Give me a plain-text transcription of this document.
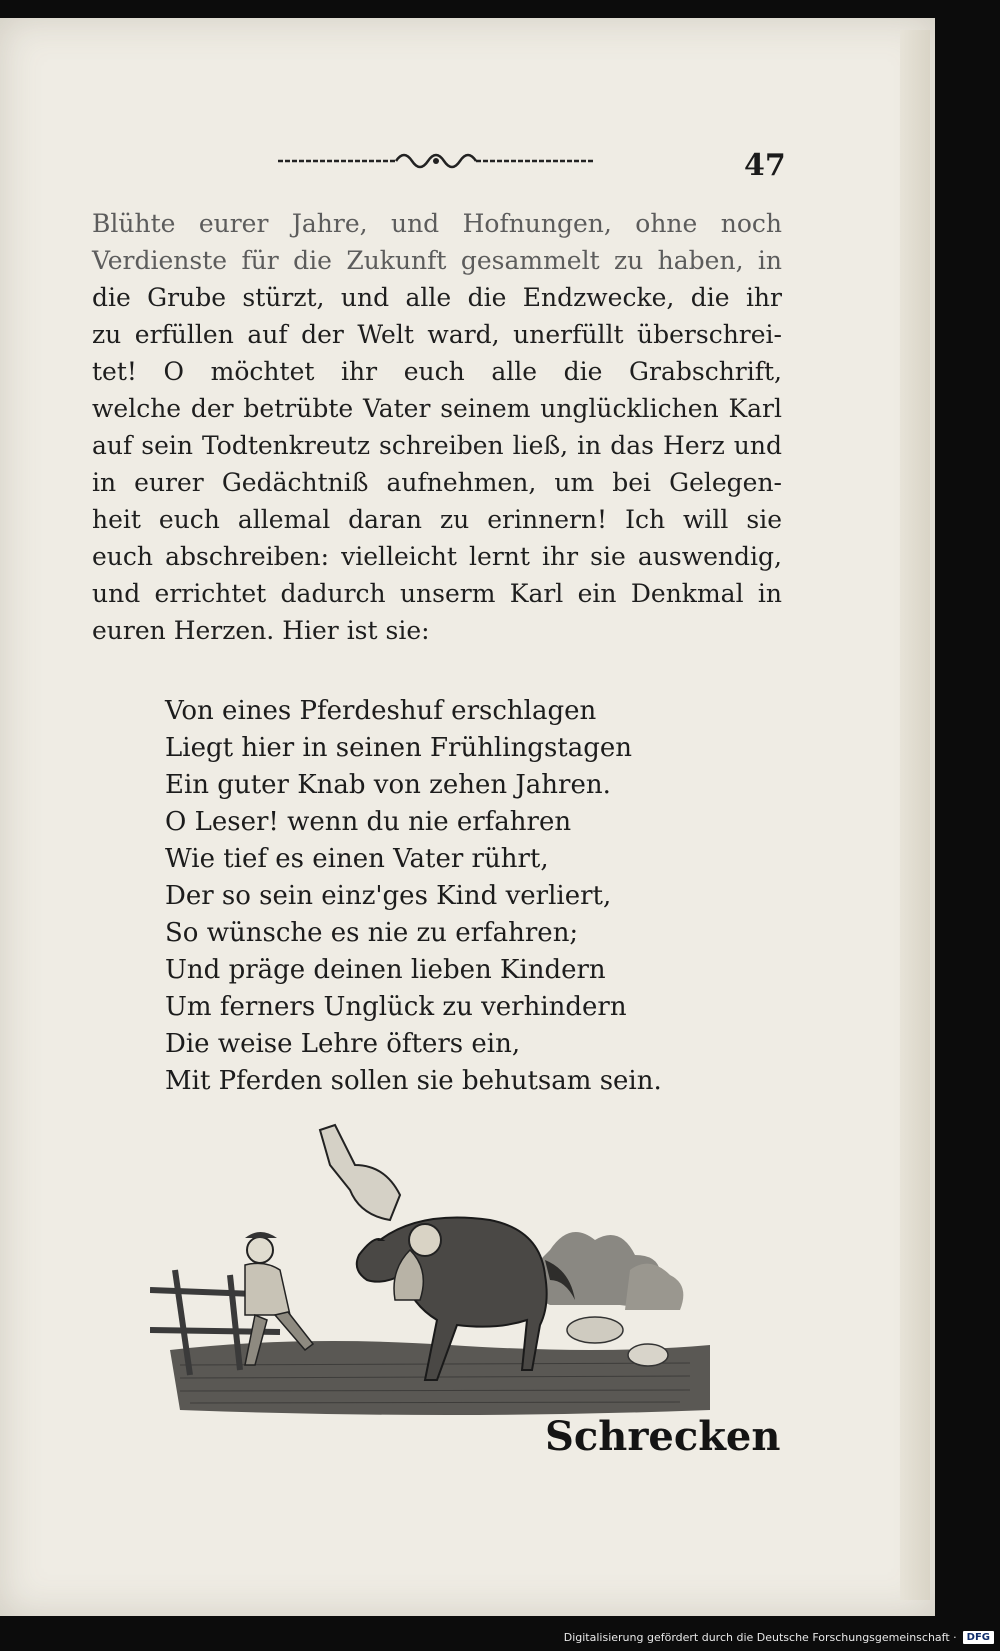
47
Blühte eurer Jahre, und Hofnungen, ohne noch
Verdienste für die Zukunft gesammelt zu haben, in
die Grube stürzt, und alle die Endzwecke, die ihr
zu erfüllen auf der Welt ward, unerfüllt überschrei-
tet! O möchtet ihr euch alle die Grabschrift,
welche der betrübte Vater seinem unglücklichen Karl
auf sein Todtenkreutz schreiben ließ, in das Herz und
in eurer Gedächtniß aufnehmen, um bei Gelegen-
heit euch allemal daran zu erinnern! Ich will sie
euch abschreiben: vielleicht lernt ihr sie auswendig,
und errichtet dadurch unserm Karl ein Denkmal in
euren Herzen. Hier ist sie:
Von eines Pferdeshuf erschlagen
Liegt hier in seinen Frühlingstagen
Ein guter Knab von zehen Jahren.
O Leser! wenn du nie erfahren
Wie tief es einen Vater rührt,
Der so sein einz'ges Kind verliert,
So wünsche es nie zu erfahren;
Und präge deinen lieben Kindern
Um ferners Unglück zu verhindern
Die weise Lehre öfters ein,
Mit Pferden sollen sie behutsam sein.
Schrecken
Digitalisierung gefördert durch die Deutsche Forschungsgemeinschaft ·	DFG
